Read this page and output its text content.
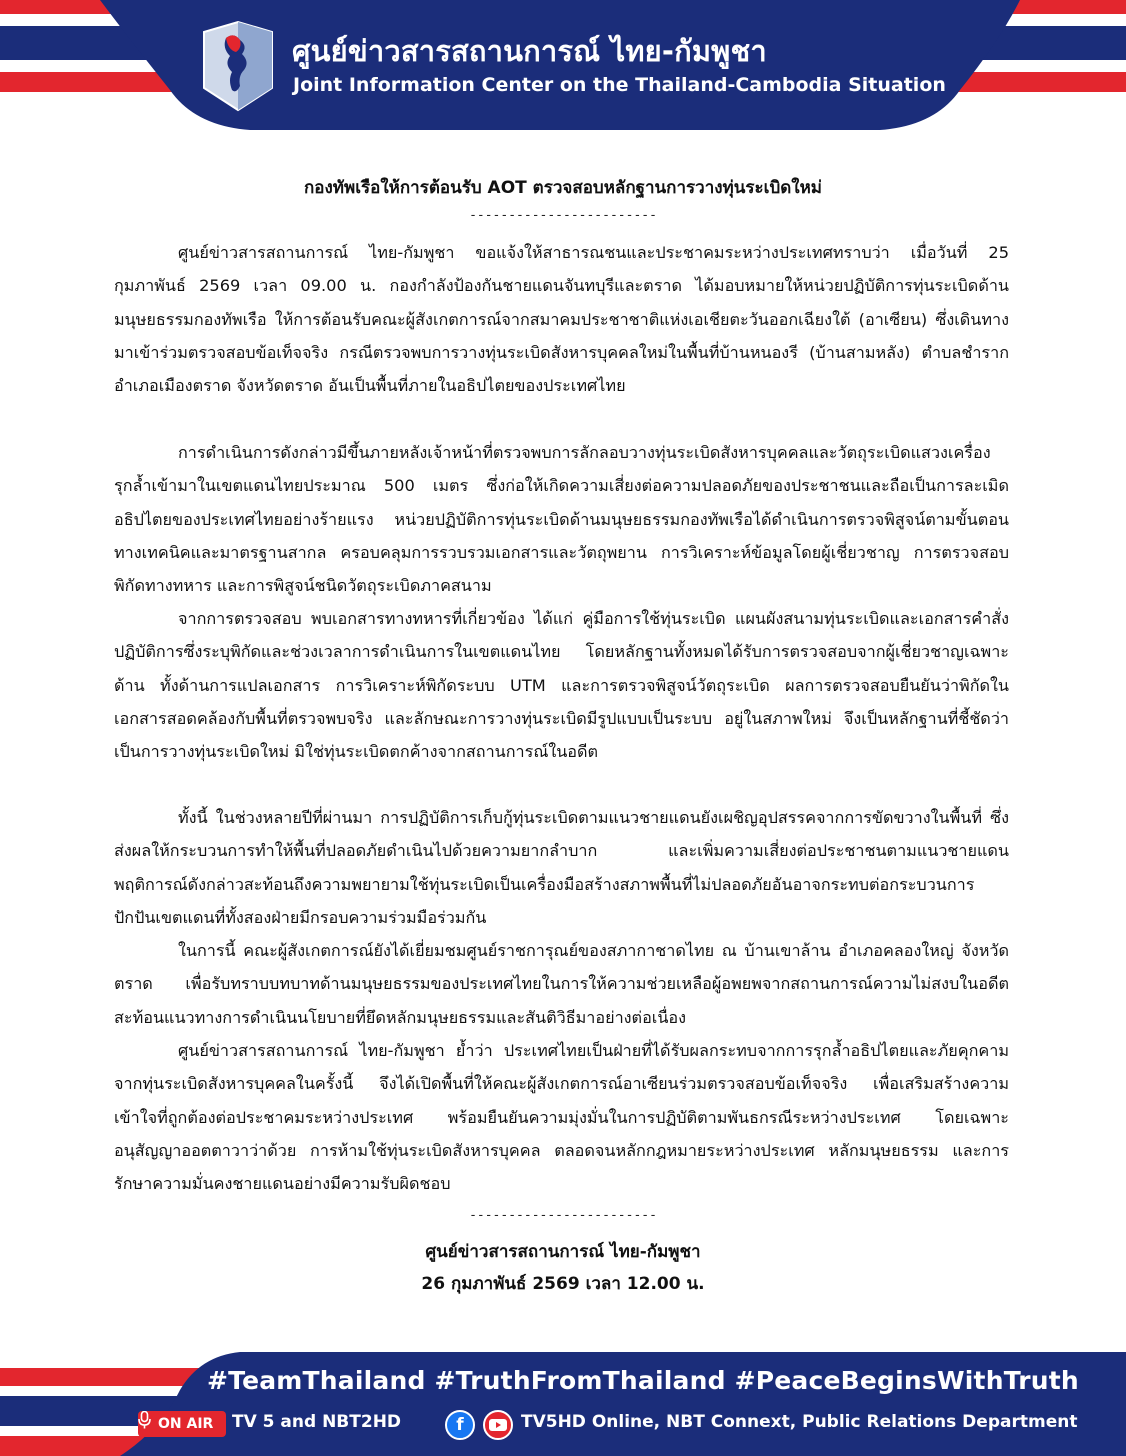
ศูนย์ข่าวสารสถานการณ์ ไทย-กัมพูชา
Joint Information Center on the Thailand-Cambodia Situation
กองทัพเรือให้การต้อนรับ AOT ตรวจสอบหลักฐานการวางทุ่นระเบิดใหม่
------------------------

ศูนย์ข่าวสารสถานการณ์ ไทย-กัมพูชา ขอแจ้งให้สาธารณชนและประชาคมระหว่างประเทศทราบว่า เมื่อวันที่ 25 กุมภาพันธ์ 2569 เวลา 09.00 น. กองกำลังป้องกันชายแดนจันทบุรีและตราด ได้มอบหมายให้หน่วยปฏิบัติการทุ่นระเบิดด้านมนุษยธรรมกองทัพเรือ ให้การต้อนรับคณะผู้สังเกตการณ์จากสมาคมประชาชาติแห่งเอเชียตะวันออกเฉียงใต้ (อาเซียน) ซึ่งเดินทางมาเข้าร่วมตรวจสอบข้อเท็จจริง กรณีตรวจพบการวางทุ่นระเบิดสังหารบุคคลใหม่ในพื้นที่บ้านหนองรี (บ้านสามหลัง) ตำบลชำราก อำเภอเมืองตราด จังหวัดตราด อันเป็นพื้นที่ภายในอธิปไตยของประเทศไทย

การดำเนินการดังกล่าวมีขึ้นภายหลังเจ้าหน้าที่ตรวจพบการลักลอบวางทุ่นระเบิดสังหารบุคคลและวัตถุระเบิดแสวงเครื่องรุกล้ำเข้ามาในเขตแดนไทยประมาณ 500 เมตร ซึ่งก่อให้เกิดความเสี่ยงต่อความปลอดภัยของประชาชนและถือเป็นการละเมิดอธิปไตยของประเทศไทยอย่างร้ายแรง หน่วยปฏิบัติการทุ่นระเบิดด้านมนุษยธรรมกองทัพเรือได้ดำเนินการตรวจพิสูจน์ตามขั้นตอนทางเทคนิคและมาตรฐานสากล ครอบคลุมการรวบรวมเอกสารและวัตถุพยาน การวิเคราะห์ข้อมูลโดยผู้เชี่ยวชาญ การตรวจสอบพิกัดทางทหาร และการพิสูจน์ชนิดวัตถุระเบิดภาคสนาม

จากการตรวจสอบ พบเอกสารทางทหารที่เกี่ยวข้อง ได้แก่ คู่มือการใช้ทุ่นระเบิด แผนผังสนามทุ่นระเบิดและเอกสารคำสั่งปฏิบัติการซึ่งระบุพิกัดและช่วงเวลาการดำเนินการในเขตแดนไทย โดยหลักฐานทั้งหมดได้รับการตรวจสอบจากผู้เชี่ยวชาญเฉพาะด้าน ทั้งด้านการแปลเอกสาร การวิเคราะห์พิกัดระบบ UTM และการตรวจพิสูจน์วัตถุระเบิด ผลการตรวจสอบยืนยันว่าพิกัดในเอกสารสอดคล้องกับพื้นที่ตรวจพบจริง และลักษณะการวางทุ่นระเบิดมีรูปแบบเป็นระบบ อยู่ในสภาพใหม่ จึงเป็นหลักฐานที่ชี้ชัดว่าเป็นการวางทุ่นระเบิดใหม่ มิใช่ทุ่นระเบิดตกค้างจากสถานการณ์ในอดีต

ทั้งนี้ ในช่วงหลายปีที่ผ่านมา การปฏิบัติการเก็บกู้ทุ่นระเบิดตามแนวชายแดนยังเผชิญอุปสรรคจากการขัดขวางในพื้นที่ ซึ่งส่งผลให้กระบวนการทำให้พื้นที่ปลอดภัยดำเนินไปด้วยความยากลำบาก และเพิ่มความเสี่ยงต่อประชาชนตามแนวชายแดน พฤติการณ์ดังกล่าวสะท้อนถึงความพยายามใช้ทุ่นระเบิดเป็นเครื่องมือสร้างสภาพพื้นที่ไม่ปลอดภัยอันอาจกระทบต่อกระบวนการปักปันเขตแดนที่ทั้งสองฝ่ายมีกรอบความร่วมมือร่วมกัน

ในการนี้ คณะผู้สังเกตการณ์ยังได้เยี่ยมชมศูนย์ราชการุณย์ของสภากาชาดไทย ณ บ้านเขาล้าน อำเภอคลองใหญ่ จังหวัดตราด เพื่อรับทราบบทบาทด้านมนุษยธรรมของประเทศไทยในการให้ความช่วยเหลือผู้อพยพจากสถานการณ์ความไม่สงบในอดีต สะท้อนแนวทางการดำเนินนโยบายที่ยึดหลักมนุษยธรรมและสันติวิธีมาอย่างต่อเนื่อง

ศูนย์ข่าวสารสถานการณ์ ไทย-กัมพูชา ย้ำว่า ประเทศไทยเป็นฝ่ายที่ได้รับผลกระทบจากการรุกล้ำอธิปไตยและภัยคุกคามจากทุ่นระเบิดสังหารบุคคลในครั้งนี้ จึงได้เปิดพื้นที่ให้คณะผู้สังเกตการณ์อาเซียนร่วมตรวจสอบข้อเท็จจริง เพื่อเสริมสร้างความเข้าใจที่ถูกต้องต่อประชาคมระหว่างประเทศ พร้อมยืนยันความมุ่งมั่นในการปฏิบัติตามพันธกรณีระหว่างประเทศ โดยเฉพาะอนุสัญญาออตตาวาว่าด้วย การห้ามใช้ทุ่นระเบิดสังหารบุคคล ตลอดจนหลักกฎหมายระหว่างประเทศ หลักมนุษยธรรม และการรักษาความมั่นคงชายแดนอย่างมีความรับผิดชอบ

------------------------
ศูนย์ข่าวสารสถานการณ์ ไทย-กัมพูชา
26 กุมภาพันธ์ 2569 เวลา 12.00 น.
#TeamThailand #TruthFromThailand #PeaceBeginsWithTruth
ON AIR	TV 5 and NBT2HD	f	TV5HD Online, NBT Connext, Public Relations Department
